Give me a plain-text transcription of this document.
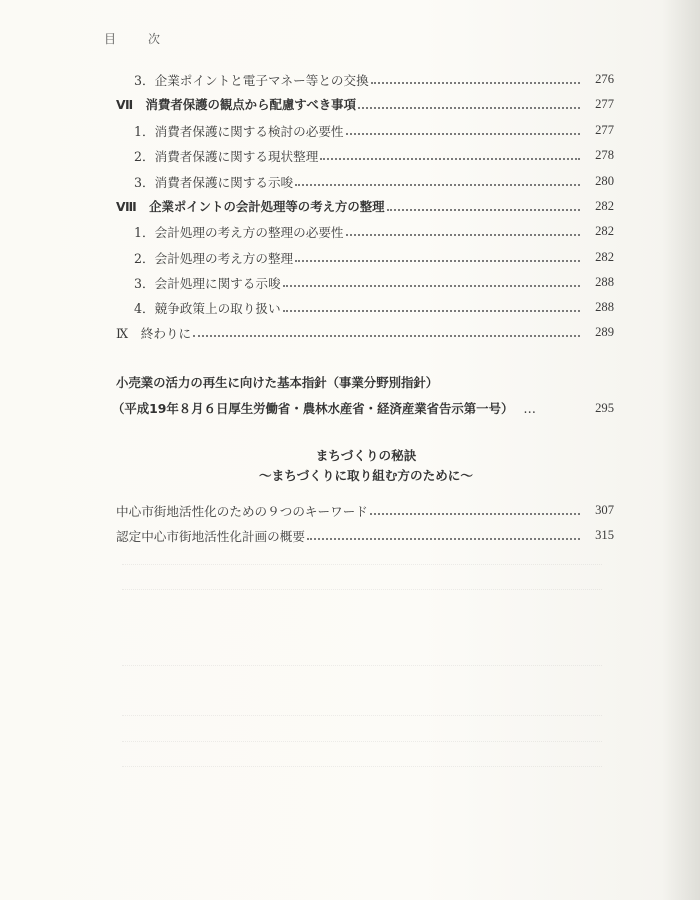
目　次
3．企業ポイントと電子マネー等との交換	276
Ⅶ　消費者保護の観点から配慮すべき事項	277
1．消費者保護に関する検討の必要性	277
2．消費者保護に関する現状整理	278
3．消費者保護に関する示唆	280
Ⅷ　企業ポイントの会計処理等の考え方の整理	282
1．会計処理の考え方の整理の必要性	282
2．会計処理の考え方の整理	282
3．会計処理に関する示唆	288
4．競争政策上の取り扱い	288
Ⅸ　終わりに	289
小売業の活力の再生に向けた基本指針（事業分野別指針）
（平成19年８月６日厚生労働省・農林水産省・経済産業省告示第一号） …	295
まちづくりの秘訣
〜まちづくりに取り組む方のために〜
中心市街地活性化のための９つのキーワード	307
認定中心市街地活性化計画の概要	315
